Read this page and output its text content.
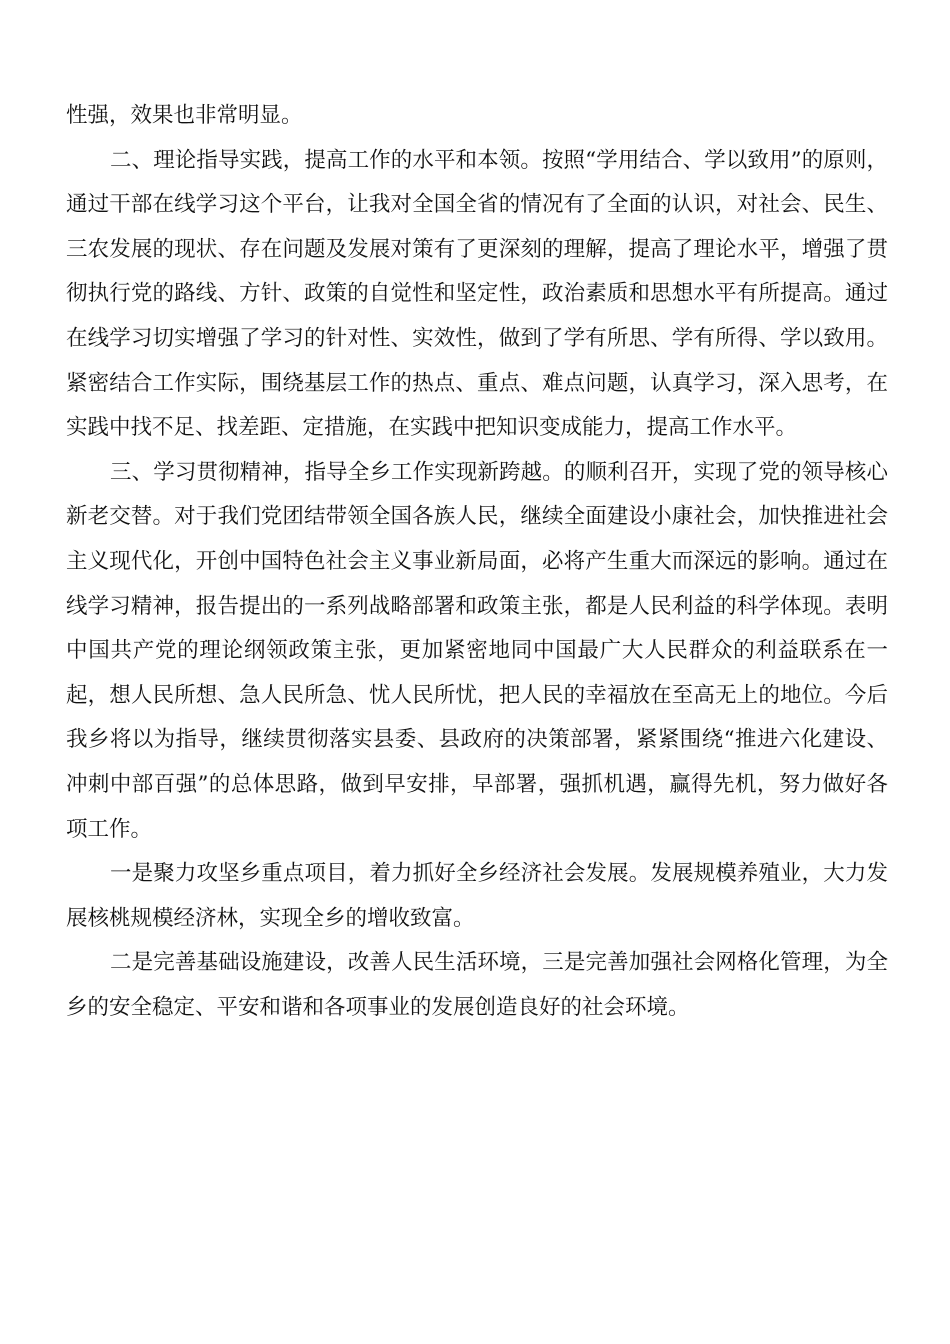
性强，效果也非常明显。

二、理论指导实践，提高工作的水平和本领。按照“学用结合、学以致用”的原则，通过干部在线学习这个平台，让我对全国全省的情况有了全面的认识，对社会、民生、三农发展的现状、存在问题及发展对策有了更深刻的理解，提高了理论水平，增强了贯彻执行党的路线、方针、政策的自觉性和坚定性，政治素质和思想水平有所提高。通过在线学习切实增强了学习的针对性、实效性，做到了学有所思、学有所得、学以致用。紧密结合工作实际，围绕基层工作的热点、重点、难点问题，认真学习，深入思考，在实践中找不足、找差距、定措施，在实践中把知识变成能力，提高工作水平。

三、学习贯彻精神，指导全乡工作实现新跨越。的顺利召开，实现了党的领导核心新老交替。对于我们党团结带领全国各族人民，继续全面建设小康社会，加快推进社会主义现代化，开创中国特色社会主义事业新局面，必将产生重大而深远的影响。通过在线学习精神，报告提出的一系列战略部署和政策主张，都是人民利益的科学体现。表明中国共产党的理论纲领政策主张，更加紧密地同中国最广大人民群众的利益联系在一起，想人民所想、急人民所急、忧人民所忧，把人民的幸福放在至高无上的地位。今后我乡将以为指导，继续贯彻落实县委、县政府的决策部署，紧紧围绕“推进六化建设、冲刺中部百强”的总体思路，做到早安排，早部署，强抓机遇，赢得先机，努力做好各项工作。

一是聚力攻坚乡重点项目，着力抓好全乡经济社会发展。发展规模养殖业，大力发展核桃规模经济林，实现全乡的增收致富。

二是完善基础设施建设，改善人民生活环境，三是完善加强社会网格化管理，为全乡的安全稳定、平安和谐和各项事业的发展创造良好的社会环境。
